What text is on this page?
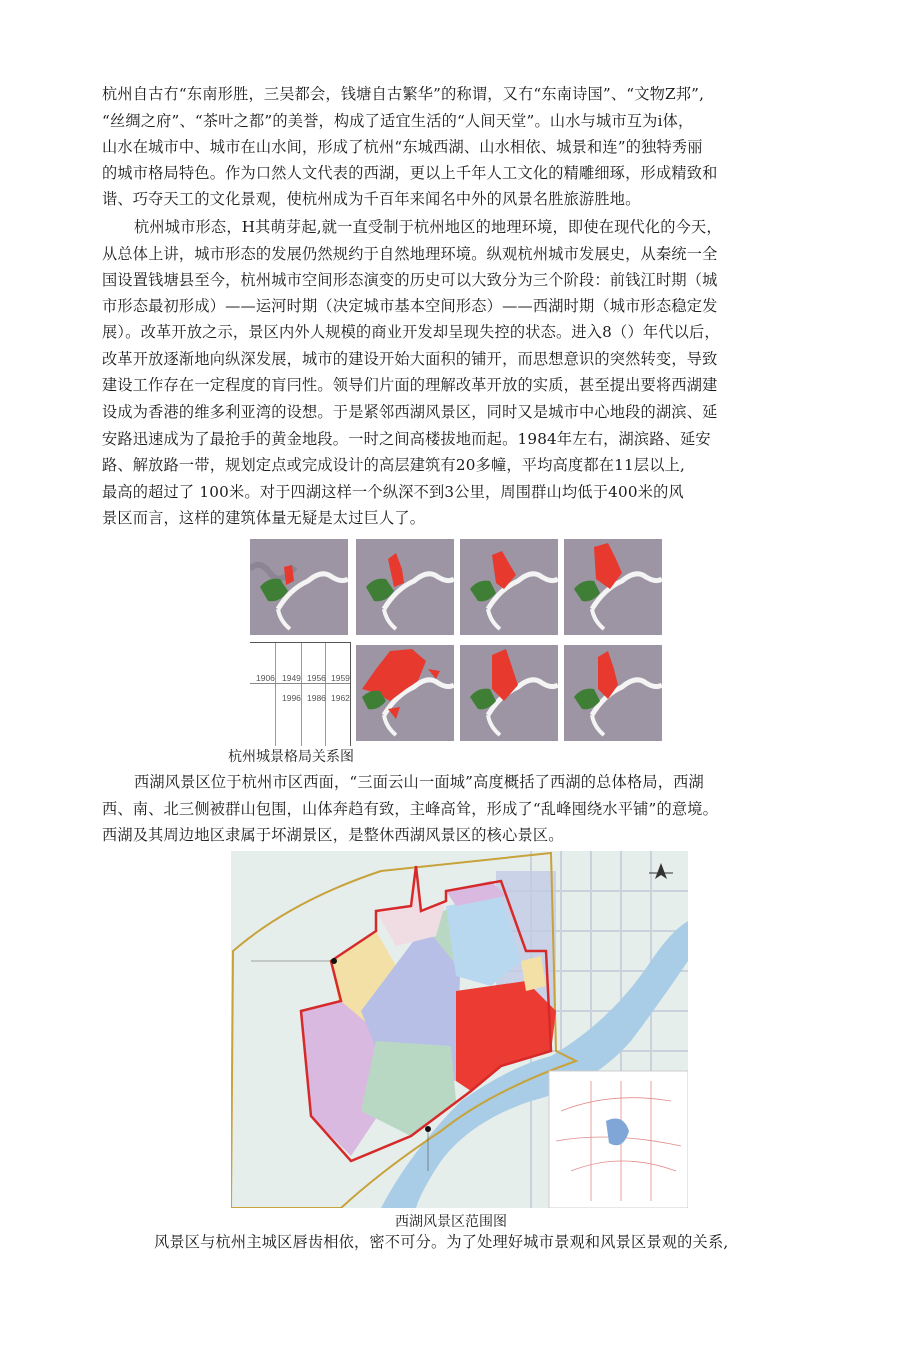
杭州自古冇“东南形胜，三吴都会，钱塘自古繁华”的称谓，又冇“东南诗国”、“文物Z邦”,
“丝绸之府”、“茶叶之都”的美誉，构成了适宜生活的“人间天堂”。山水与城市互为i体，
山水在城市中、城市在山水间，形成了杭州“东城西湖、山水相依、城景和连”的独特秀丽
的城市格局特色。作为口然人文代表的西湖，更以上千年人工文化的精雕细琢，形成精致和
谐、巧夺天工的文化景观，使杭州成为千百年来闻名中外的风景名胜旅游胜地。
杭州城市形态，H其萌芽起,就一直受制于杭州地区的地理环境，即使在现代化的今天，
从总体上讲，城市形态的发展仍然规约于自然地理环境。纵观杭州城市发展史，从秦统一全
国设置钱塘县至今，杭州城市空间形态演变的历史可以大致分为三个阶段：前钱江时期（城
市形态最初形成）——运河时期（决定城市基本空间形态）——西湖时期（城市形态稳定发
展）。改革开放之示，景区内外人规模的商业开发却呈现失控的状态。进入8（）年代以后，
改革开放逐渐地向纵深发展，城市的建设开始大面积的铺开，而思想意识的突然转变，导致
建设工作存在一定程度的肓冃性。领导们片面的理解改革开放的实质，甚至提出要将西湖建
设成为香港的维多利亚湾的设想。于是紧邻西湖风景区，同时又是城市中心地段的湖滨、延
安路迅速成为了最抢手的黄金地段。一时之间高楼拔地而起。1984年左右，湖滨路、延安
路、解放路一带，规划定点或完成设计的高层建筑有20多幢，平均高度都在11层以上,
最高的超过了 100米。对于四湖这样一个纵深不到3公里，周围群山均低于400米的风
景区而言，这样的建筑体量无疑是太过巨人了。
1906 1949 1956 1959
1996 1986 1962
杭州城景格局关系图
西湖风景区位于杭州市区西面，“三面云山一面城”高度概括了西湖的总体格局，西湖
西、南、北三侧被群山包围，山体奔趋有致，主峰高耸，形成了“乱峰囤绕水平铺”的意境。
西湖及其周边地区隶属于坏湖景区，是整休西湖风景区的核心景区。
西湖风景区范围图
风景区与杭州主城区唇齿相依，密不可分。为了处理好城市景观和风景区景观的关系,
